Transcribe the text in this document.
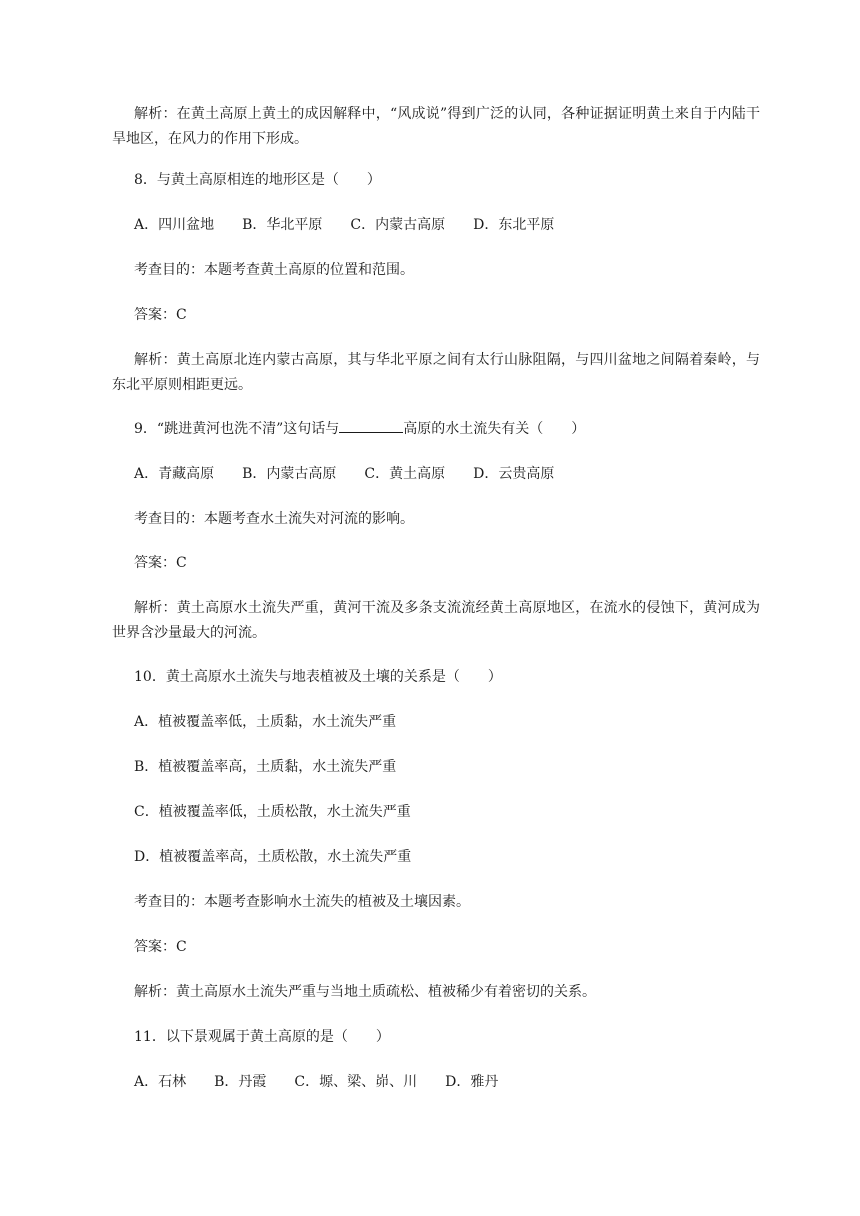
解析：在黄土高原上黄土的成因解释中，“风成说”得到广泛的认同，各种证据证明黄土来自于内陆干旱地区，在风力的作用下形成。

8．与黄土高原相连的地形区是（　　）

A．四川盆地　　B．华北平原　　C．内蒙古高原　　D．东北平原

考查目的：本题考查黄土高原的位置和范围。

答案：C

解析：黄土高原北连内蒙古高原，其与华北平原之间有太行山脉阻隔，与四川盆地之间隔着秦岭，与东北平原则相距更远。

9．“跳进黄河也洗不清”这句话与	高原的水土流失有关（　　）

A．青藏高原　　B．内蒙古高原　　C．黄土高原　　D．云贵高原

考查目的：本题考查水土流失对河流的影响。

答案：C

解析：黄土高原水土流失严重，黄河干流及多条支流流经黄土高原地区，在流水的侵蚀下，黄河成为世界含沙量最大的河流。

10．黄土高原水土流失与地表植被及土壤的关系是（　　）

A．植被覆盖率低，土质黏，水土流失严重

B．植被覆盖率高，土质黏，水土流失严重

C．植被覆盖率低，土质松散，水土流失严重

D．植被覆盖率高，土质松散，水土流失严重

考查目的：本题考查影响水土流失的植被及土壤因素。

答案：C

解析：黄土高原水土流失严重与当地土质疏松、植被稀少有着密切的关系。

11．以下景观属于黄土高原的是（　　）

A．石林　　B．丹霞　　C．塬、梁、峁、川　　D．雅丹
